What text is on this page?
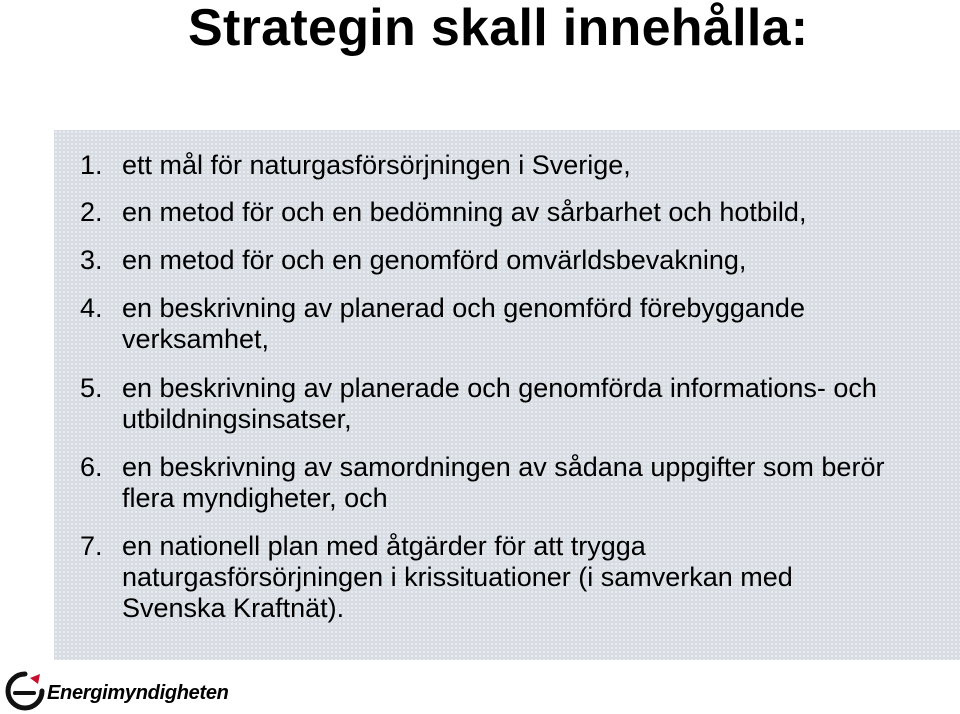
Strategin skall innehålla:
1. ett mål för naturgasförsörjningen i Sverige,
2. en metod för och en bedömning av sårbarhet och hotbild,
3. en metod för och en genomförd omvärldsbevakning,
4. en beskrivning av planerad och genomförd förebyggande verksamhet,
5. en beskrivning av planerade och genomförda informations- och utbildningsinsatser,
6. en beskrivning av samordningen av sådana uppgifter som berör flera myndigheter, och
7. en nationell plan med åtgärder för att trygga naturgasförsörjningen i krissituationer (i samverkan med Svenska Kraftnät).
Energimyndigheten
